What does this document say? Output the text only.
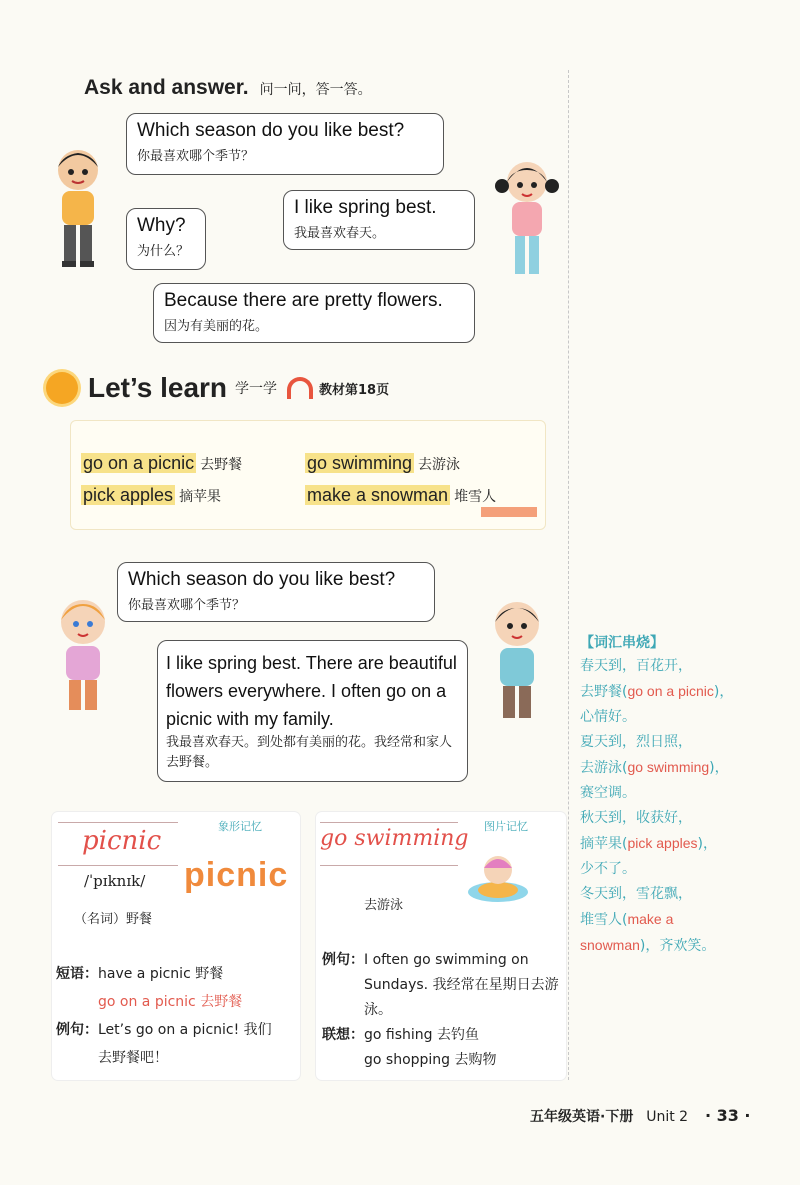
Ask and answer. 问一问，答一答。
Which season do you like best?
你最喜欢哪个季节？
Why?
为什么？
I like spring best.
我最喜欢春天。
Because there are pretty flowers.
因为有美丽的花。
Let’s learn 学一学	教材第18页
go on a picnic 去野餐	go swimming 去游泳
pick apples 摘苹果	make a snowman 堆雪人
Which season do you like best?
你最喜欢哪个季节？
I like spring best. There are beautiful flowers everywhere. I often go on a picnic with my family.
我最喜欢春天。到处都有美丽的花。我经常和家人去野餐。
象形记忆
picnic
/ˈpɪknɪk/ picnic
（名词）野餐
短语：have a picnic 野餐
go on a picnic 去野餐
例句： Let’s go on a picnic! 我们去野餐吧！
图片记忆
go swimming
去游泳
例句： I often go swimming on Sundays. 我经常在星期日去游泳。
联想： go fishing 去钓鱼
go shopping 去购物
【词汇串烧】
春天到，百花开，
去野餐(go on a picnic)，
心情好。
夏天到，烈日照，
去游泳(go swimming)，
赛空调。
秋天到，收获好，
摘苹果(pick apples)，
少不了。
冬天到，雪花飘，
堆雪人(make a
snowman)，齐欢笑。
五年级英语·下册 Unit 2 · 33 ·
